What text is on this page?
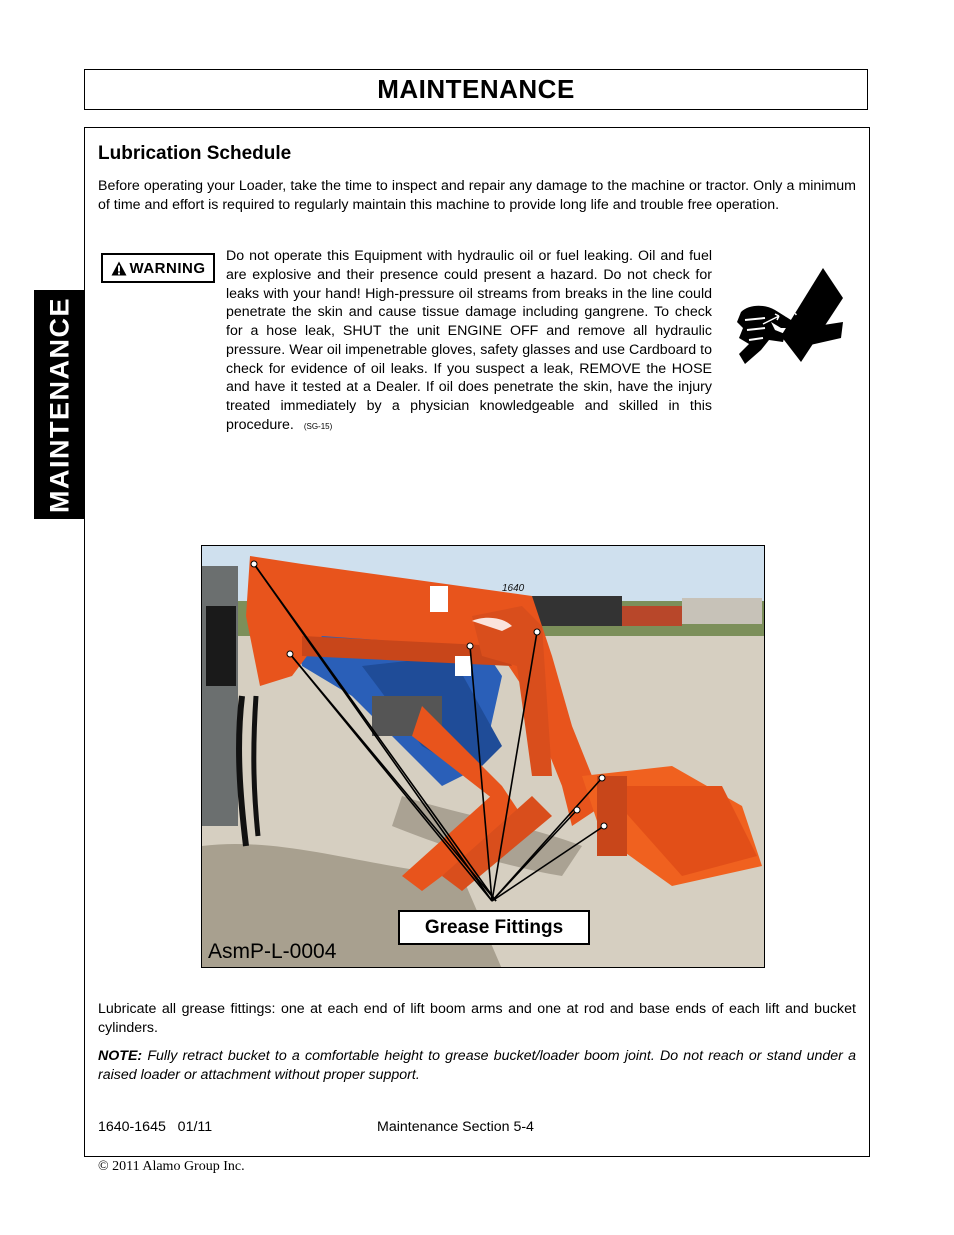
MAINTENANCE
MAINTENANCE
Lubrication Schedule
Before operating your Loader, take the time to inspect and repair any damage to the machine or tractor. Only a minimum of time and effort is required to regularly maintain this machine to provide long life and trouble free operation.
WARNING
Do not operate this Equipment with hydraulic oil or fuel leaking. Oil and fuel are explosive and their presence could present a hazard. Do not check for leaks with your hand! High-pressure oil streams from breaks in the line could penetrate the skin and cause tissue damage including gangrene. To check for a hose leak, SHUT the unit ENGINE OFF and remove all hydraulic pressure. Wear oil impenetrable gloves, safety glasses and use Cardboard to check for evidence of oil leaks. If you suspect a leak, REMOVE the HOSE and have it tested at a Dealer. If oil does penetrate the skin, have the injury treated immediately by a physician knowledgeable and skilled in this procedure. (SG-15)
1640
Grease Fittings
AsmP-L-0004
Lubricate all grease fittings: one at each end of lift boom arms and one at rod and base ends of each lift and bucket cylinders.
NOTE: Fully retract bucket to a comfortable height to grease bucket/loader boom joint. Do not reach or stand under a raised loader or attachment without proper support.
1640-1645   01/11	Maintenance Section 5-4
© 2011 Alamo Group Inc.
